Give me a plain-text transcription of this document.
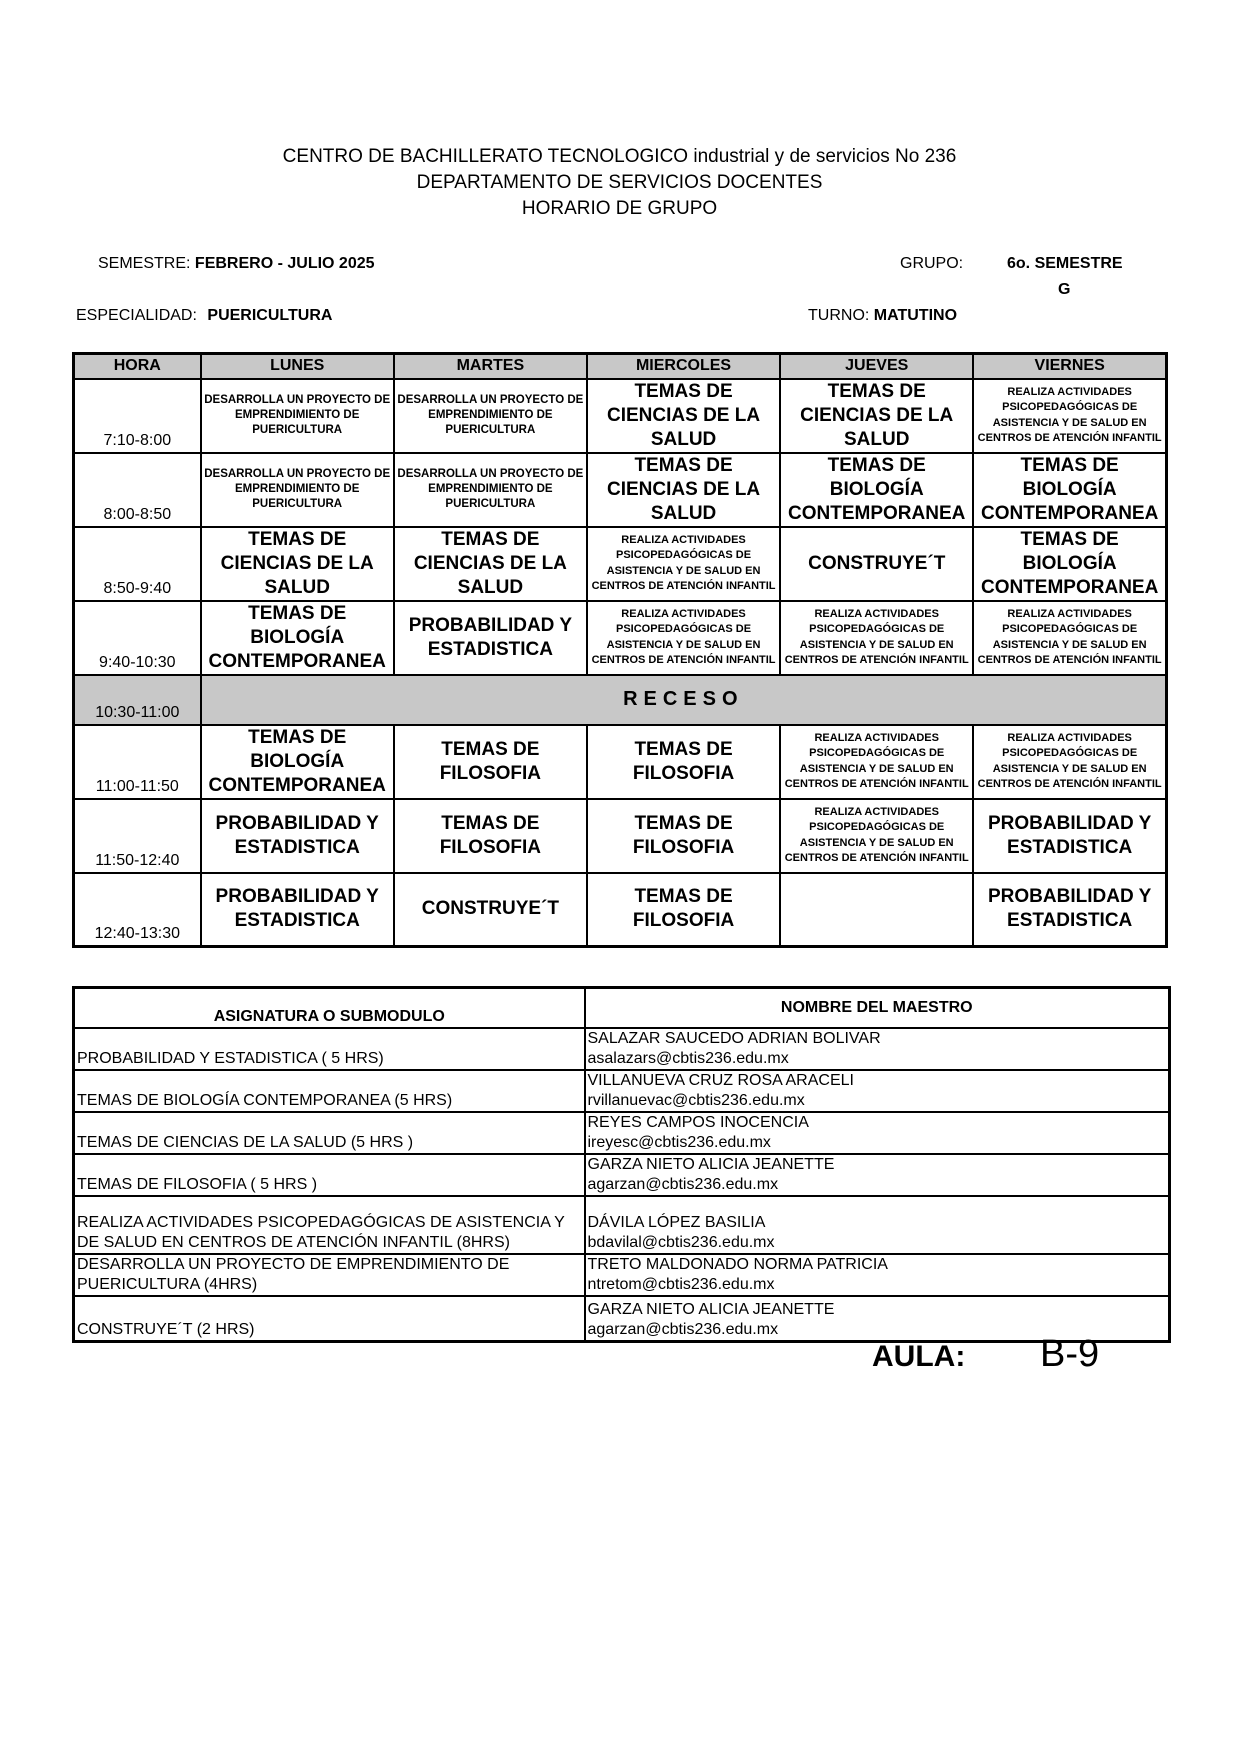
CENTRO DE BACHILLERATO TECNOLOGICO industrial y de servicios No 236
DEPARTAMENTO DE SERVICIOS DOCENTES
HORARIO DE GRUPO
SEMESTRE: FEBRERO - JULIO 2025	GRUPO:	6o. SEMESTRE
G
ESPECIALIDAD: PUERICULTURA	TURNO: MATUTINO
HORA	LUNES	MARTES	MIERCOLES	JUEVES	VIERNES
7:10-8:00	DESARROLLA UN PROYECTO DE EMPRENDIMIENTO DE PUERICULTURA	DESARROLLA UN PROYECTO DE EMPRENDIMIENTO DE PUERICULTURA	TEMAS DE CIENCIAS DE LA SALUD	TEMAS DE CIENCIAS DE LA SALUD	REALIZA ACTIVIDADES PSICOPEDAGÓGICAS DE ASISTENCIA Y DE SALUD EN CENTROS DE ATENCIÓN INFANTIL
8:00-8:50	DESARROLLA UN PROYECTO DE EMPRENDIMIENTO DE PUERICULTURA	DESARROLLA UN PROYECTO DE EMPRENDIMIENTO DE PUERICULTURA	TEMAS DE CIENCIAS DE LA SALUD	TEMAS DE BIOLOGÍA CONTEMPORANEA	TEMAS DE BIOLOGÍA CONTEMPORANEA
8:50-9:40	TEMAS DE CIENCIAS DE LA SALUD	TEMAS DE CIENCIAS DE LA SALUD	REALIZA ACTIVIDADES PSICOPEDAGÓGICAS DE ASISTENCIA Y DE SALUD EN CENTROS DE ATENCIÓN INFANTIL	CONSTRUYE´T	TEMAS DE BIOLOGÍA CONTEMPORANEA
9:40-10:30	TEMAS DE BIOLOGÍA CONTEMPORANEA	PROBABILIDAD Y ESTADISTICA	REALIZA ACTIVIDADES PSICOPEDAGÓGICAS DE ASISTENCIA Y DE SALUD EN CENTROS DE ATENCIÓN INFANTIL	REALIZA ACTIVIDADES PSICOPEDAGÓGICAS DE ASISTENCIA Y DE SALUD EN CENTROS DE ATENCIÓN INFANTIL	REALIZA ACTIVIDADES PSICOPEDAGÓGICAS DE ASISTENCIA Y DE SALUD EN CENTROS DE ATENCIÓN INFANTIL
10:30-11:00	RECESO				
11:00-11:50	TEMAS DE BIOLOGÍA CONTEMPORANEA	TEMAS DE FILOSOFIA	TEMAS DE FILOSOFIA	REALIZA ACTIVIDADES PSICOPEDAGÓGICAS DE ASISTENCIA Y DE SALUD EN CENTROS DE ATENCIÓN INFANTIL	REALIZA ACTIVIDADES PSICOPEDAGÓGICAS DE ASISTENCIA Y DE SALUD EN CENTROS DE ATENCIÓN INFANTIL
11:50-12:40	PROBABILIDAD Y ESTADISTICA	TEMAS DE FILOSOFIA	TEMAS DE FILOSOFIA	REALIZA ACTIVIDADES PSICOPEDAGÓGICAS DE ASISTENCIA Y DE SALUD EN CENTROS DE ATENCIÓN INFANTIL	PROBABILIDAD Y ESTADISTICA
12:40-13:30	PROBABILIDAD Y ESTADISTICA	CONSTRUYE´T	TEMAS DE FILOSOFIA		PROBABILIDAD Y ESTADISTICA
ASIGNATURA O SUBMODULO	NOMBRE DEL MAESTRO
PROBABILIDAD Y ESTADISTICA ( 5 HRS)	SALAZAR SAUCEDO ADRIAN BOLIVAR
asalazars@cbtis236.edu.mx

TEMAS DE BIOLOGÍA CONTEMPORANEA (5 HRS)	VILLANUEVA CRUZ ROSA ARACELI
rvillanuevac@cbtis236.edu.mx

TEMAS DE CIENCIAS DE LA SALUD (5 HRS )	REYES CAMPOS INOCENCIA
ireyesc@cbtis236.edu.mx

TEMAS DE FILOSOFIA ( 5 HRS )	GARZA NIETO ALICIA JEANETTE
agarzan@cbtis236.edu.mx

REALIZA ACTIVIDADES PSICOPEDAGÓGICAS DE ASISTENCIA Y DE SALUD EN CENTROS DE ATENCIÓN INFANTIL (8HRS)	DÁVILA LÓPEZ BASILIA
bdavilal@cbtis236.edu.mx

DESARROLLA UN PROYECTO DE EMPRENDIMIENTO DE PUERICULTURA (4HRS)	TRETO MALDONADO NORMA PATRICIA
ntretom@cbtis236.edu.mx

CONSTRUYE´T (2 HRS)	GARZA NIETO ALICIA JEANETTE
agarzan@cbtis236.edu.mx
AULA: B-9
